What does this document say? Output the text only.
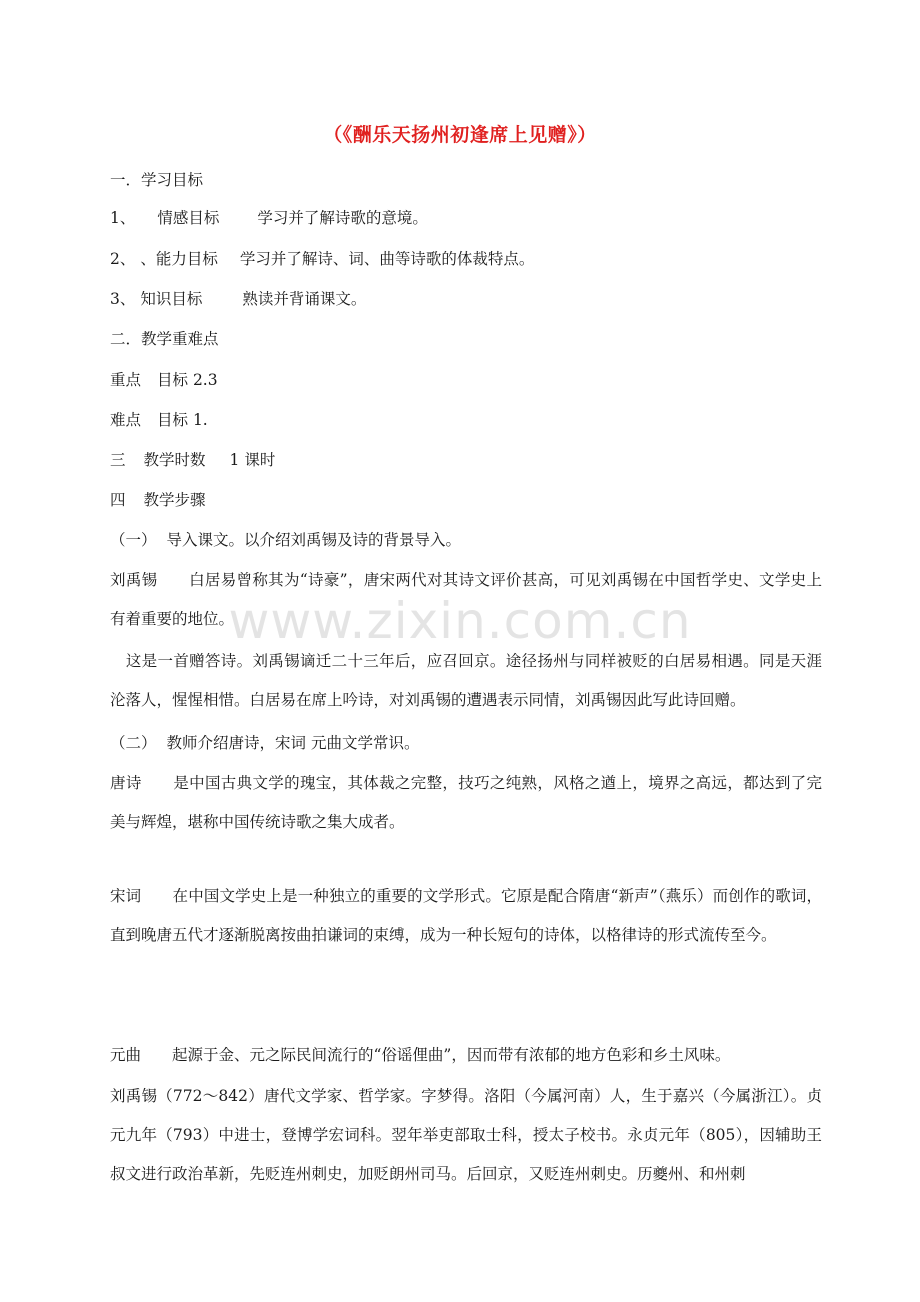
（《酬乐天扬州初逢席上见赠》）
一．学习目标
1、 情感目标 学习并了解诗歌的意境。
2、 、能力目标 学习并了解诗、词、曲等诗歌的体裁特点。
3、 知识目标	熟读并背诵课文。
二．教学重难点
重点 目标 2.3
难点 目标 1.
三 教学时数 1 课时
四 教学步骤
（一） 导入课文。以介绍刘禹锡及诗的背景导入。
刘禹锡　　白居易曾称其为“诗豪”，唐宋两代对其诗文评价甚高，可见刘禹锡在中国哲学史、文学史上有着重要的地位。
　这是一首赠答诗。刘禹锡谪迁二十三年后，应召回京。途径扬州与同样被贬的白居易相遇。同是天涯沦落人，惺惺相惜。白居易在席上吟诗，对刘禹锡的遭遇表示同情，刘禹锡因此写此诗回赠。
（二） 教师介绍唐诗，宋词 元曲文学常识。
唐诗　　是中国古典文学的瑰宝，其体裁之完整，技巧之纯熟，风格之遒上，境界之高远，都达到了完美与辉煌，堪称中国传统诗歌之集大成者。
宋词　　在中国文学史上是一种独立的重要的文学形式。它原是配合隋唐“新声”（燕乐）而创作的歌词，直到晚唐五代才逐渐脱离按曲拍谦词的束缚，成为一种长短句的诗体，以格律诗的形式流传至今。
元曲　　起源于金、元之际民间流行的“俗谣俚曲”，因而带有浓郁的地方色彩和乡土风味。
刘禹锡（772～842）唐代文学家、哲学家。字梦得。洛阳（今属河南）人，生于嘉兴（今属浙江）。贞元九年（793）中进士，登博学宏词科。翌年举吏部取士科，授太子校书。永贞元年（805），因辅助王叔文进行政治革新，先贬连州刺史，加贬朗州司马。后回京，又贬连州刺史。历夔州、和州刺
www.zixin.com.cn
